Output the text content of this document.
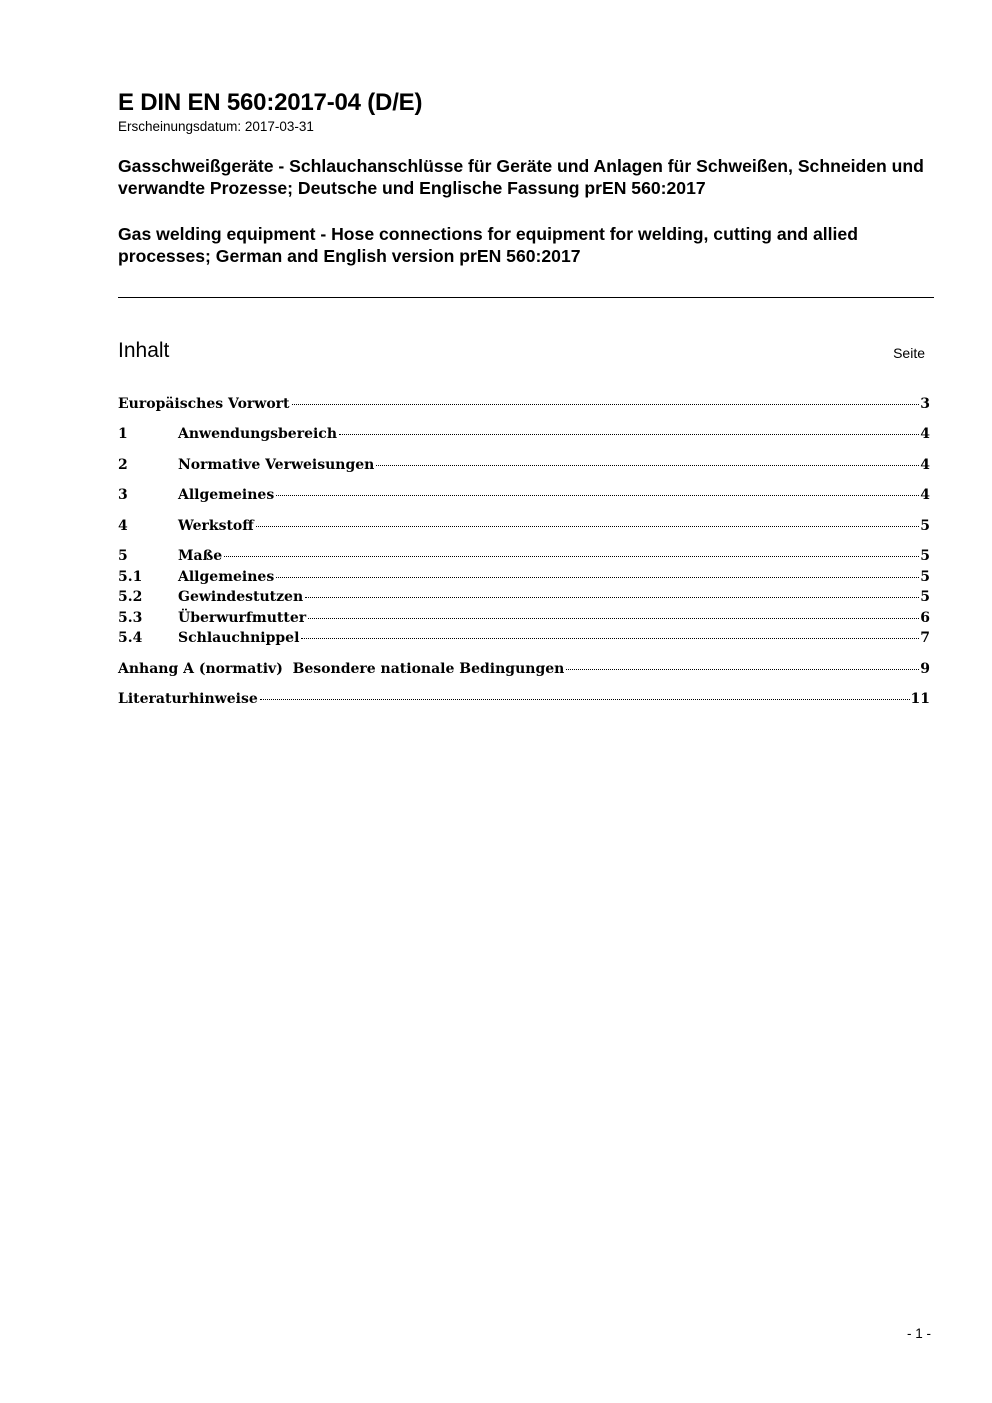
E DIN EN 560:2017-04 (D/E)
Erscheinungsdatum: 2017-03-31
Gasschweißgeräte - Schlauchanschlüsse für Geräte und Anlagen für Schweißen, Schneiden und verwandte Prozesse; Deutsche und Englische Fassung prEN 560:2017
Gas welding equipment - Hose connections for equipment for welding, cutting and allied processes; German and English version prEN 560:2017
Inhalt	Seite
Europäisches Vorwort	3
1	Anwendungsbereich	4
2	Normative Verweisungen	4
3	Allgemeines	4
4	Werkstoff	5
5	Maße	5
5.1	Allgemeines	5
5.2	Gewindestutzen	5
5.3	Überwurfmutter	6
5.4	Schlauchnippel	7
Anhang A (normativ)  Besondere nationale Bedingungen	9
Literaturhinweise	11
- 1 -
